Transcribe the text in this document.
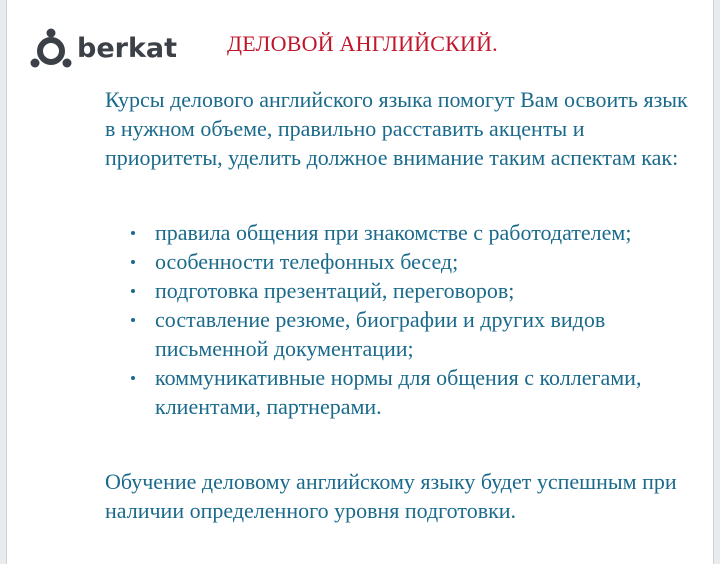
berkat ДЕЛОВОЙ АНГЛИЙСКИЙ.
Курсы делового английского языка помогут Вам освоить язык в нужном объеме, правильно расставить акценты и приоритеты, уделить должное внимание таким аспектам как:
правила общения при знакомстве с работодателем;
особенности телефонных бесед;
подготовка презентаций, переговоров;
составление резюме, биографии и других видов письменной документации;
коммуникативные нормы для общения с коллегами, клиентами, партнерами.
Обучение деловому английскому языку будет успешным при наличии определенного уровня подготовки.
